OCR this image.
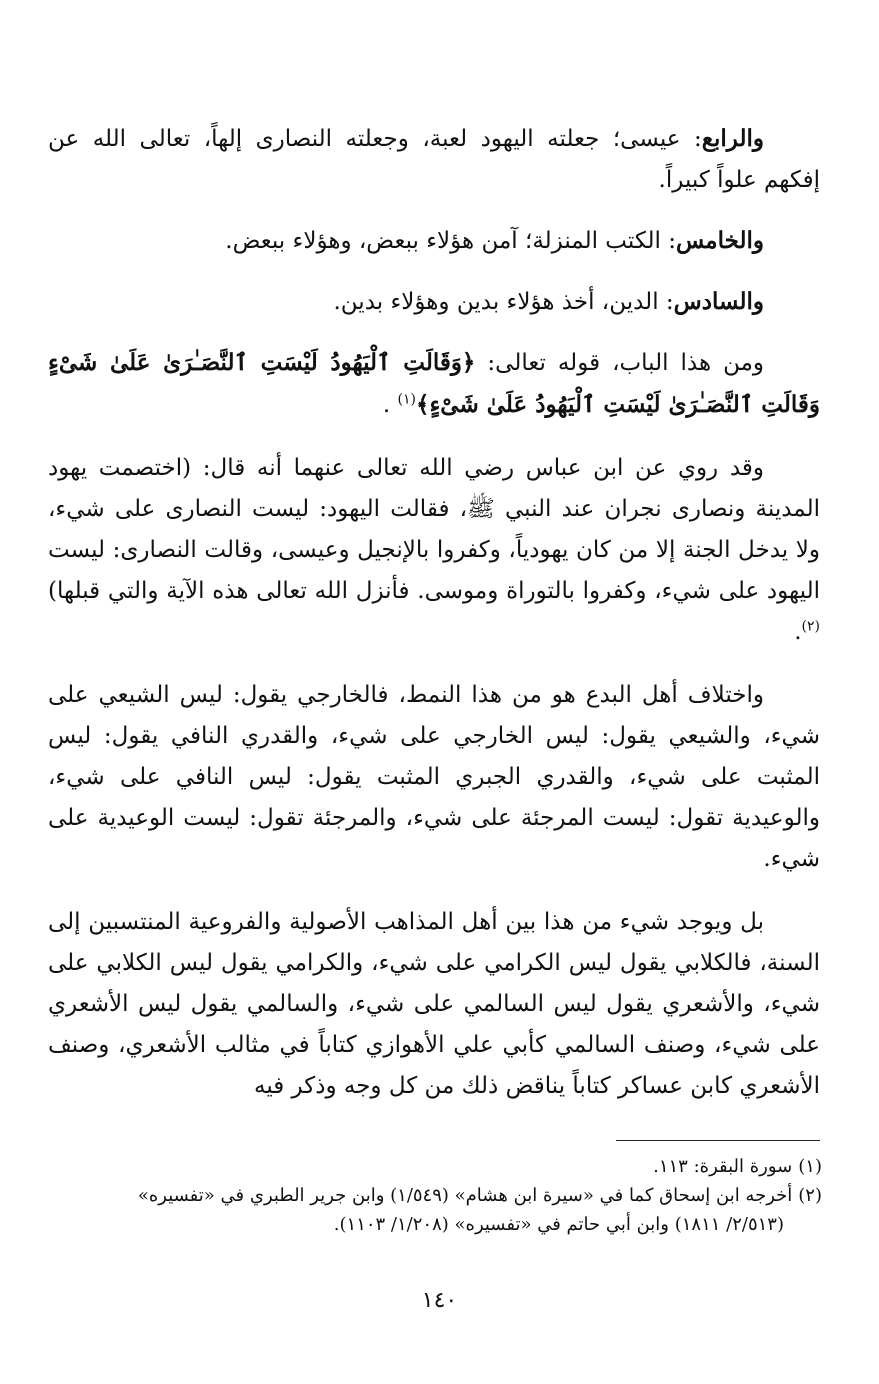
والرابع: عيسى؛ جعلته اليهود لعبة، وجعلته النصارى إلهاً، تعالى الله عن إفكهم علواً كبيراً.

والخامس: الكتب المنزلة؛ آمن هؤلاء ببعض، وهؤلاء ببعض.

والسادس: الدين، أخذ هؤلاء بدين وهؤلاء بدين.

ومن هذا الباب، قوله تعالى: ﴿وَقَالَتِ ٱلْيَهُودُ لَيْسَتِ ٱلنَّصَـٰرَىٰ عَلَىٰ شَىْءٍ وَقَالَتِ ٱلنَّصَـٰرَىٰ لَيْسَتِ ٱلْيَهُودُ عَلَىٰ شَىْءٍ﴾$^{(١)}$ .

وقد روي عن ابن عباس رضي الله تعالى عنهما أنه قال: (اختصمت يهود المدينة ونصارى نجران عند النبي ﷺ، فقالت اليهود: ليست النصارى على شيء، ولا يدخل الجنة إلا من كان يهودياً، وكفروا بالإنجيل وعيسى، وقالت النصارى: ليست اليهود على شيء، وكفروا بالتوراة وموسى. فأنزل الله تعالى هذه الآية والتي قبلها)$^{(٢)}$.

واختلاف أهل البدع هو من هذا النمط، فالخارجي يقول: ليس الشيعي على شيء، والشيعي يقول: ليس الخارجي على شيء، والقدري النافي يقول: ليس المثبت على شيء، والقدري الجبري المثبت يقول: ليس النافي على شيء، والوعيدية تقول: ليست المرجئة على شيء، والمرجئة تقول: ليست الوعيدية على شيء.

بل ويوجد شيء من هذا بين أهل المذاهب الأصولية والفروعية المنتسبين إلى السنة، فالكلابي يقول ليس الكرامي على شيء، والكرامي يقول ليس الكلابي على شيء، والأشعري يقول ليس السالمي على شيء، والسالمي يقول ليس الأشعري على شيء، وصنف السالمي كأبي علي الأهوازي كتاباً في مثالب الأشعري، وصنف الأشعري كابن عساكر كتاباً يناقض ذلك من كل وجه وذكر فيه

(١)سورة البقرة: ١١٣.

(٢)أخرجه ابن إسحاق كما في «سيرة ابن هشام» (١/٥٤٩) وابن جرير الطبري في «تفسيره»

(٢/٥١٣/ ١٨١١) وابن أبي حاتم في «تفسيره» (١/٢٠٨/ ١١٠٣).

١٤٠
